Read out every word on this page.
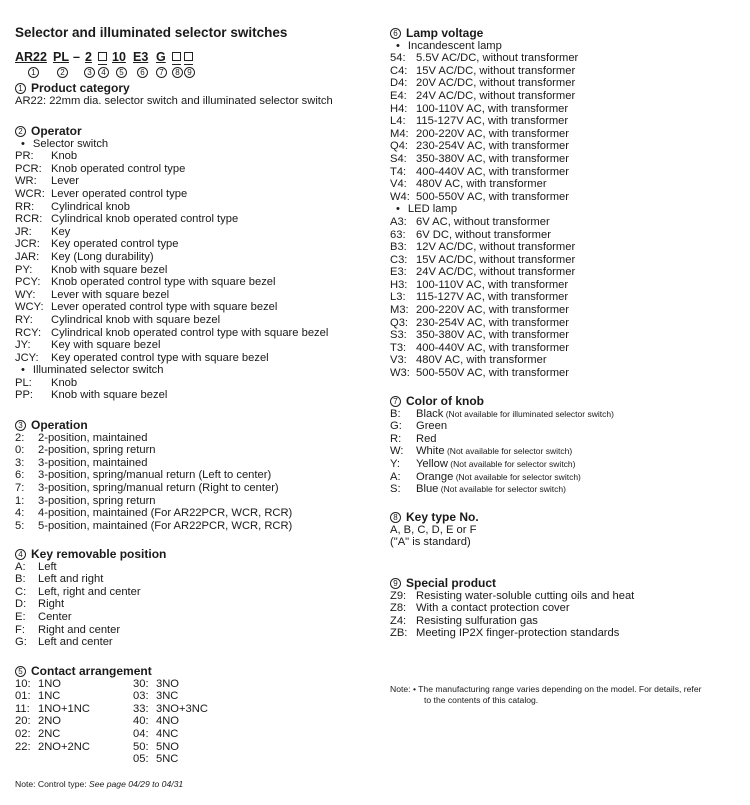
Selector and illuminated selector switches
AR22 PL – 2 10 E3 G
1	2	3	4	5	6	7	8 9
1 Product category
AR22: 22mm dia. selector switch and illuminated selector switch
2 Operator
• Selector switch
PR: Knob
PCR: Knob operated control type
WR: Lever
WCR: Lever operated control type
RR: Cylindrical knob
RCR: Cylindrical knob operated control type
JR: Key
JCR: Key operated control type
JAR: Key (Long durability)
PY: Knob with square bezel
PCY: Knob operated control type with square bezel
WY: Lever with square bezel
WCY: Lever operated control type with square bezel
RY: Cylindrical knob with square bezel
RCY: Cylindrical knob operated control type with square bezel
JY: Key with square bezel
JCY: Key operated control type with square bezel
• Illuminated selector switch
PL: Knob
PP: Knob with square bezel
3 Operation
2: 2-position, maintained
0: 2-position, spring return
3: 3-position, maintained
6: 3-position, spring/manual return (Left to center)
7: 3-position, spring/manual return (Right to center)
1: 3-position, spring return
4: 4-position, maintained (For AR22PCR, WCR, RCR)
5: 5-position, maintained (For AR22PCR, WCR, RCR)
4 Key removable position
A: Left
B: Left and right
C: Left, right and center
D: Right
E: Center
F: Right and center
G: Left and center
5 Contact arrangement
10: 1NO
01: 1NC
11: 1NO+1NC
20: 2NO
02: 2NC
22: 2NO+2NC
30: 3NO
03: 3NC
33: 3NO+3NC
40: 4NO
04: 4NC
50: 5NO
05: 5NC
Note: Control type: See page 04/29 to 04/31
6 Lamp voltage
• Incandescent lamp
54: 5.5V AC/DC, without transformer
C4: 15V AC/DC, without transformer
D4: 20V AC/DC, without transformer
E4: 24V AC/DC, without transformer
H4: 100-110V AC, with transformer
L4: 115-127V AC, with transformer
M4: 200-220V AC, with transformer
Q4: 230-254V AC, with transformer
S4: 350-380V AC, with transformer
T4: 400-440V AC, with transformer
V4: 480V AC, with transformer
W4: 500-550V AC, with transformer
• LED lamp
A3: 6V AC, without transformer
63: 6V DC, without transformer
B3: 12V AC/DC, without transformer
C3: 15V AC/DC, without transformer
E3: 24V AC/DC, without transformer
H3: 100-110V AC, with transformer
L3: 115-127V AC, with transformer
M3: 200-220V AC, with transformer
Q3: 230-254V AC, with transformer
S3: 350-380V AC, with transformer
T3: 400-440V AC, with transformer
V3: 480V AC, with transformer
W3: 500-550V AC, with transformer
7 Color of knob
B: Black (Not available for illuminated selector switch)
G: Green
R: Red
W: White (Not available for selector switch)
Y: Yellow (Not available for selector switch)
A: Orange (Not available for selector switch)
S: Blue (Not available for selector switch)
8 Key type No.
A, B, C, D, E or F
("A" is standard)
9 Special product
Z9: Resisting water-soluble cutting oils and heat
Z8: With a contact protection cover
Z4: Resisting sulfuration gas
ZB: Meeting IP2X finger-protection standards
Note: • The manufacturing range varies depending on the model. For details, refer
to the contents of this catalog.
